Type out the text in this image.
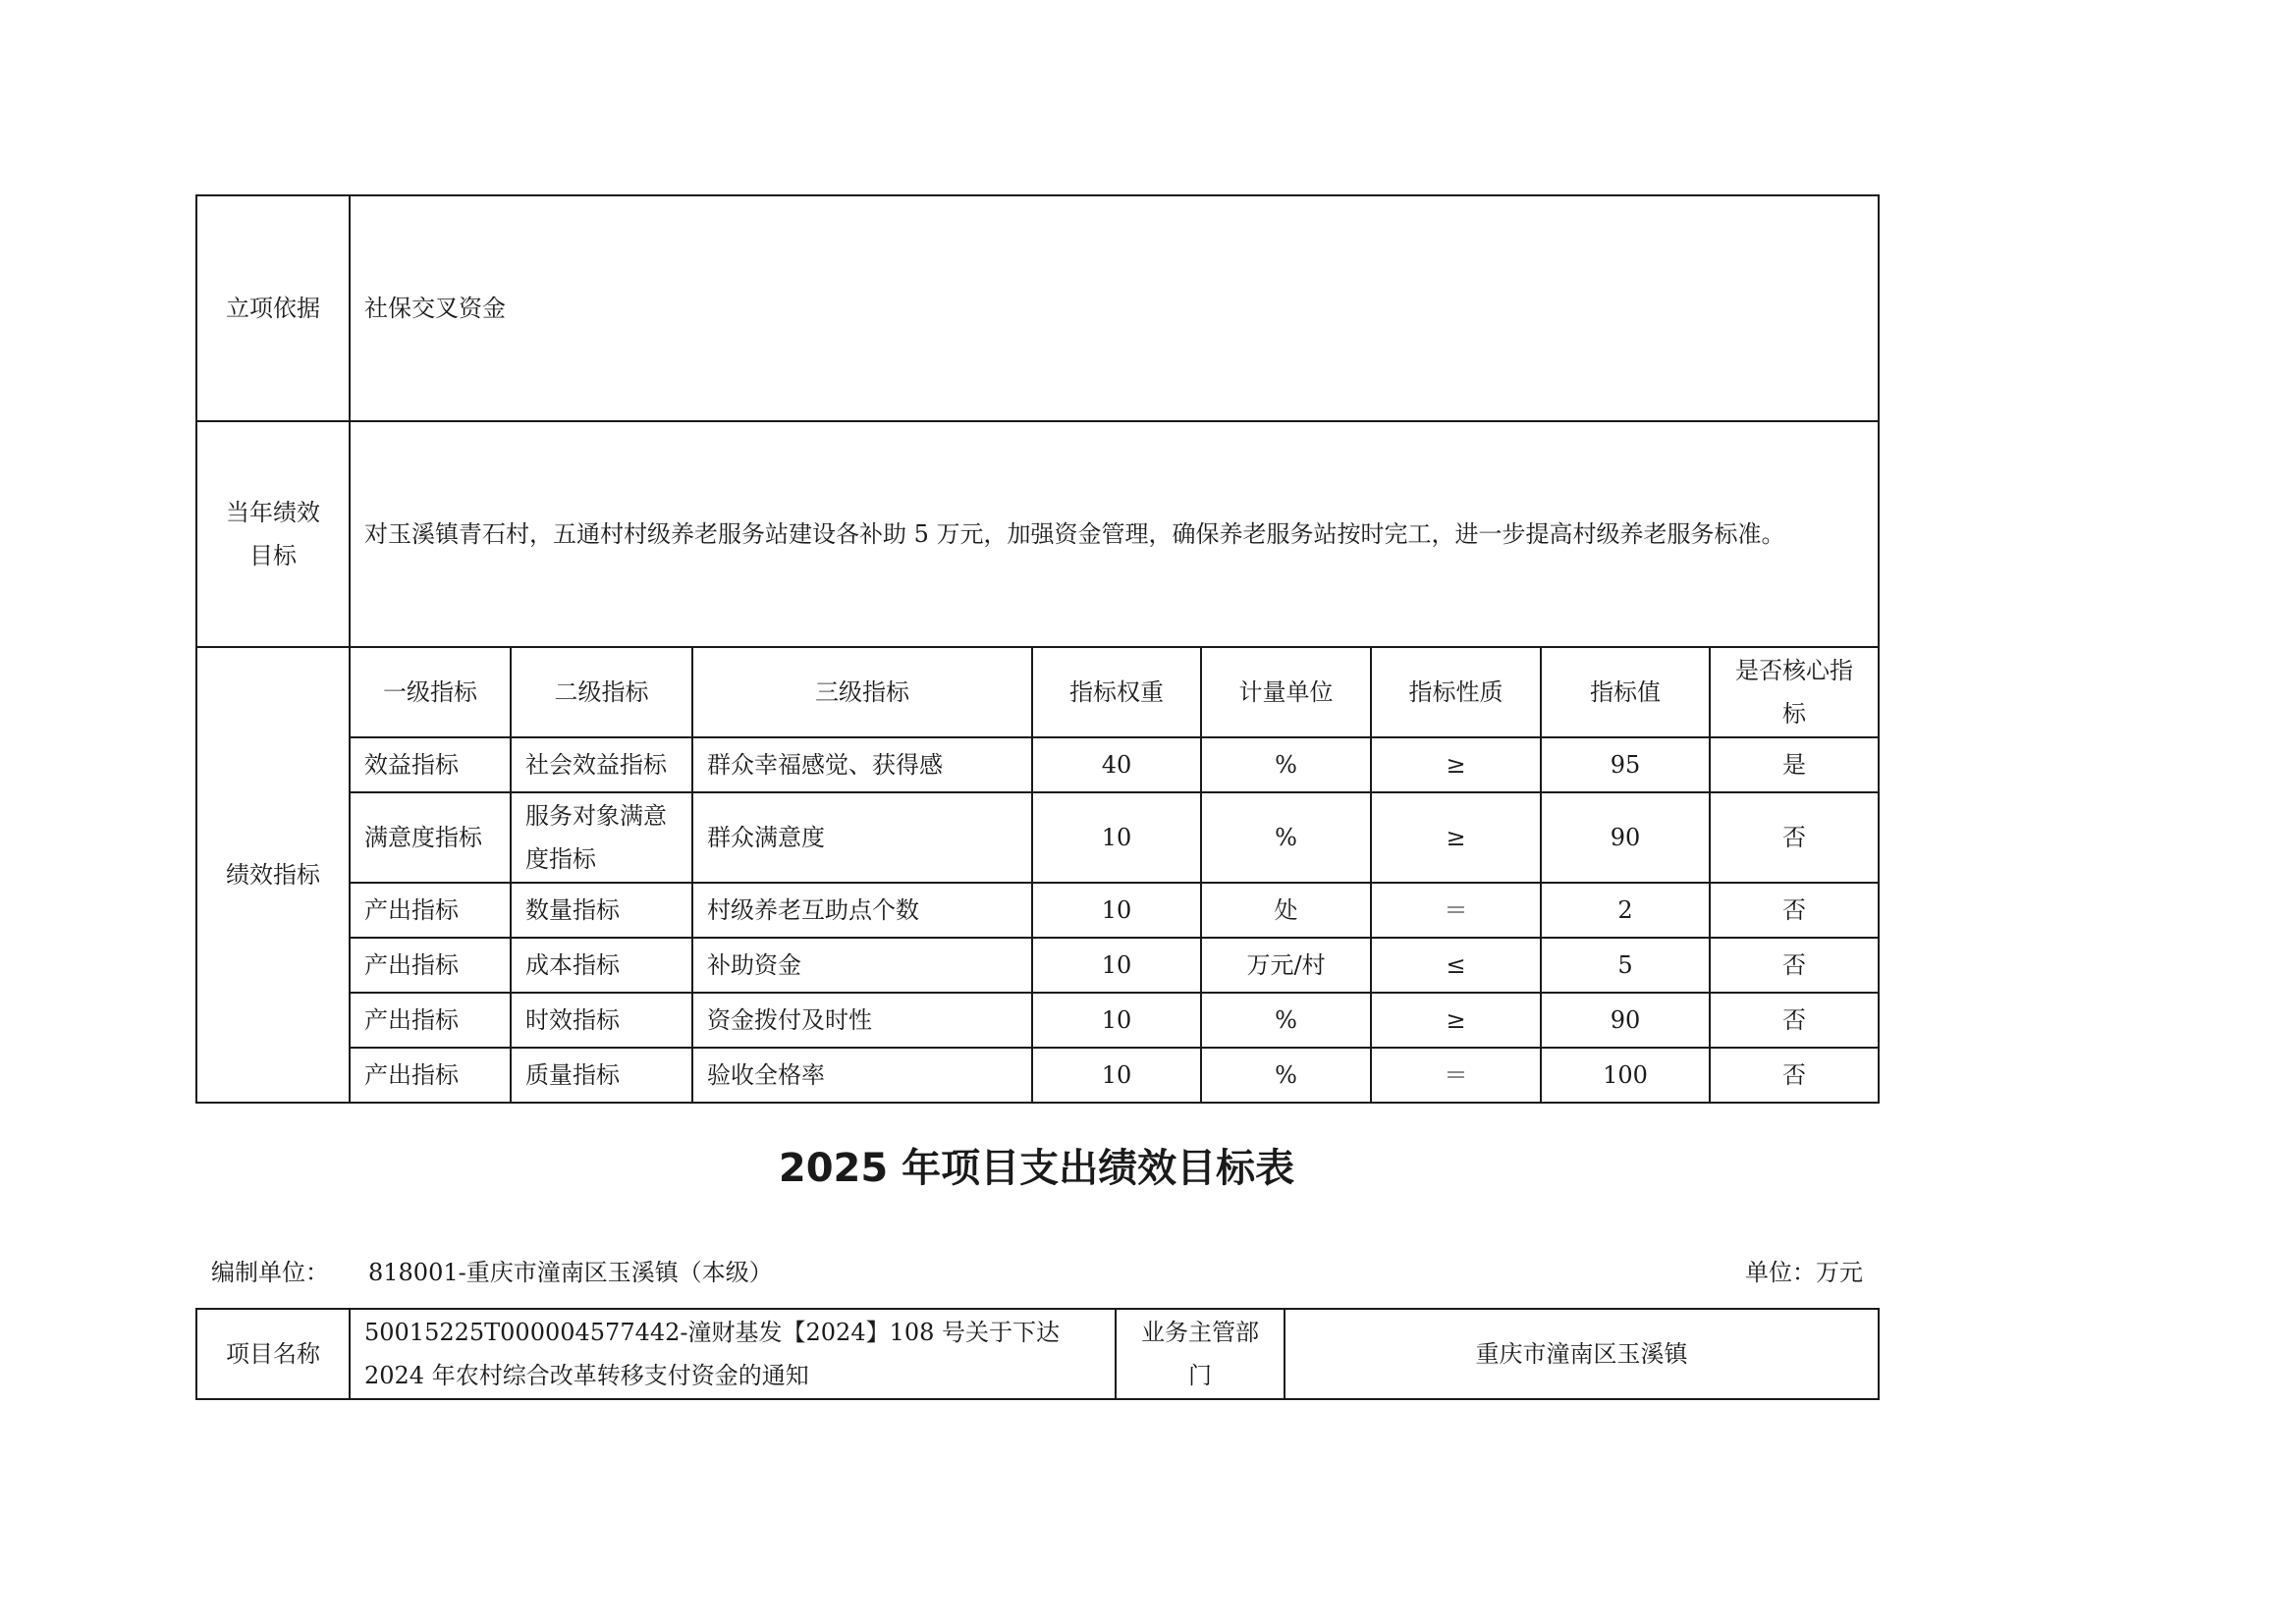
立项依据	社保交叉资金							
当年绩效
目标	对玉溪镇青石村，五通村村级养老服务站建设各补助 5 万元，加强资金管理，确保养老服务站按时完工，进一步提高村级养老服务标准。							
绩效指标	一级指标	二级指标	三级指标	指标权重	计量单位	指标性质	指标值	是否核心指
标
	效益指标	社会效益指标	群众幸福感觉、获得感	40	%	≥	95	是
	满意度指标	服务对象满意度指标	群众满意度	10	%	≥	90	否
	产出指标	数量指标	村级养老互助点个数	10	处	＝	2	否
	产出指标	成本指标	补助资金	10	万元/村	≤	5	否
	产出指标	时效指标	资金拨付及时性	10	%	≥	90	否
	产出指标	质量指标	验收全格率	10	%	＝	100	否
2025 年项目支出绩效目标表
编制单位： 818001-重庆市潼南区玉溪镇（本级）	单位：万元
项目名称	50015225T000004577442-潼财基发【2024】108 号关于下达 2024 年农村综合改革转移支付资金的通知	业务主管部门	重庆市潼南区玉溪镇
